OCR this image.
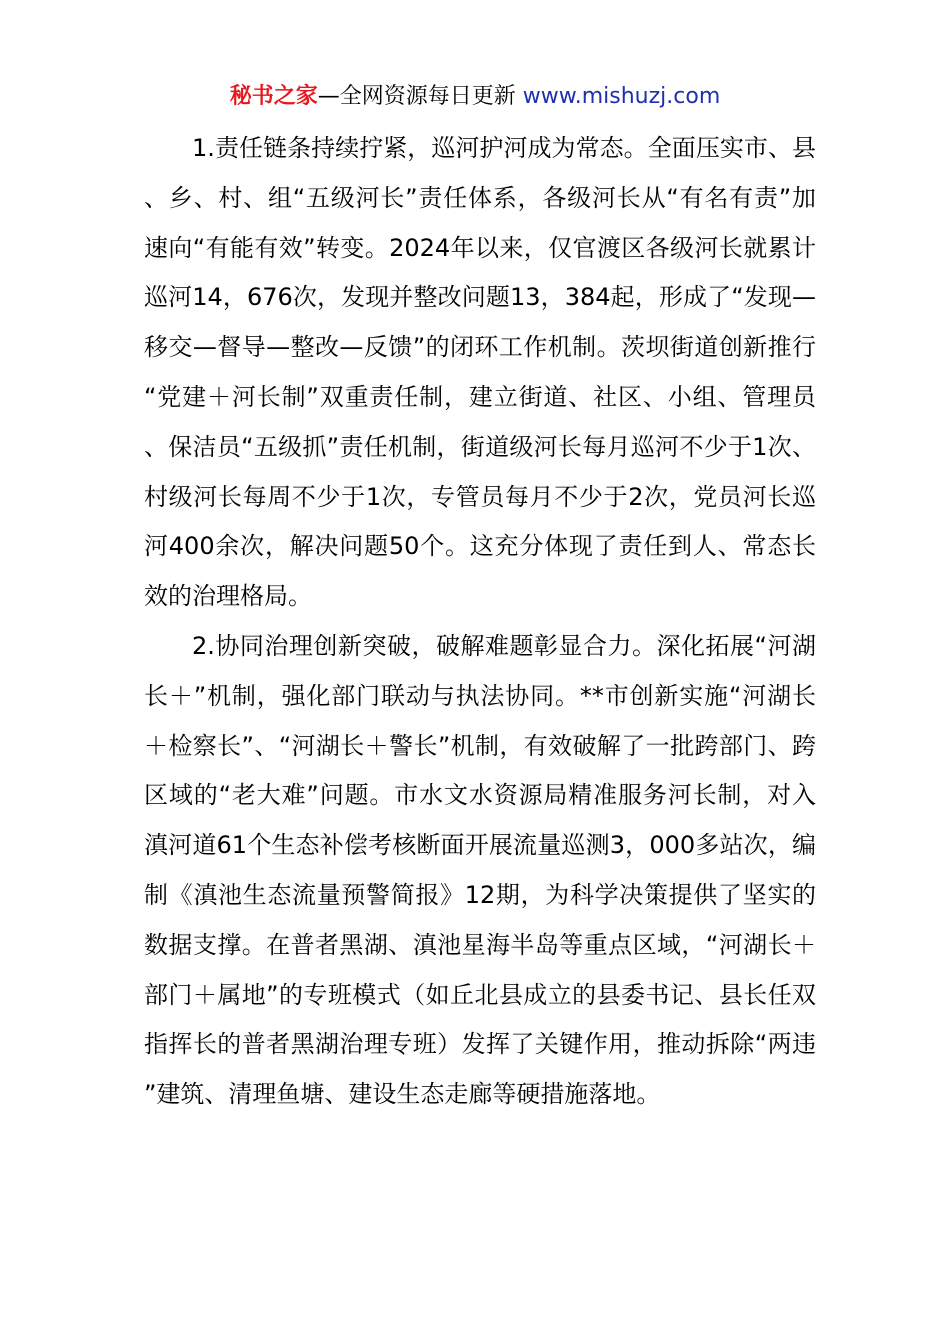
秘书之家—全网资源每日更新 www.mishuzj.com

1.责任链条持续拧紧，巡河护河成为常态。全面压实市、县、乡、村、组“五级河长”责任体系，各级河长从“有名有责”加速向“有能有效”转变。2024年以来，仅官渡区各级河长就累计巡河14，676次，发现并整改问题13，384起，形成了“发现—移交—督导—整改—反馈”的闭环工作机制。茨坝街道创新推行“党建＋河长制”双重责任制，建立街道、社区、小组、管理员、保洁员“五级抓”责任机制，街道级河长每月巡河不少于1次、村级河长每周不少于1次，专管员每月不少于2次，党员河长巡河400余次，解决问题50个。这充分体现了责任到人、常态长效的治理格局。

2.协同治理创新突破，破解难题彰显合力。深化拓展“河湖长＋”机制，强化部门联动与执法协同。**市创新实施“河湖长＋检察长”、“河湖长＋警长”机制，有效破解了一批跨部门、跨区域的“老大难”问题。市水文水资源局精准服务河长制，对入滇河道61个生态补偿考核断面开展流量巡测3，000多站次，编制《滇池生态流量预警简报》12期，为科学决策提供了坚实的数据支撑。在普者黑湖、滇池星海半岛等重点区域，“河湖长＋部门＋属地”的专班模式（如丘北县成立的县委书记、县长任双指挥长的普者黑湖治理专班）发挥了关键作用，推动拆除“两违”建筑、清理鱼塘、建设生态走廊等硬措施落地。
